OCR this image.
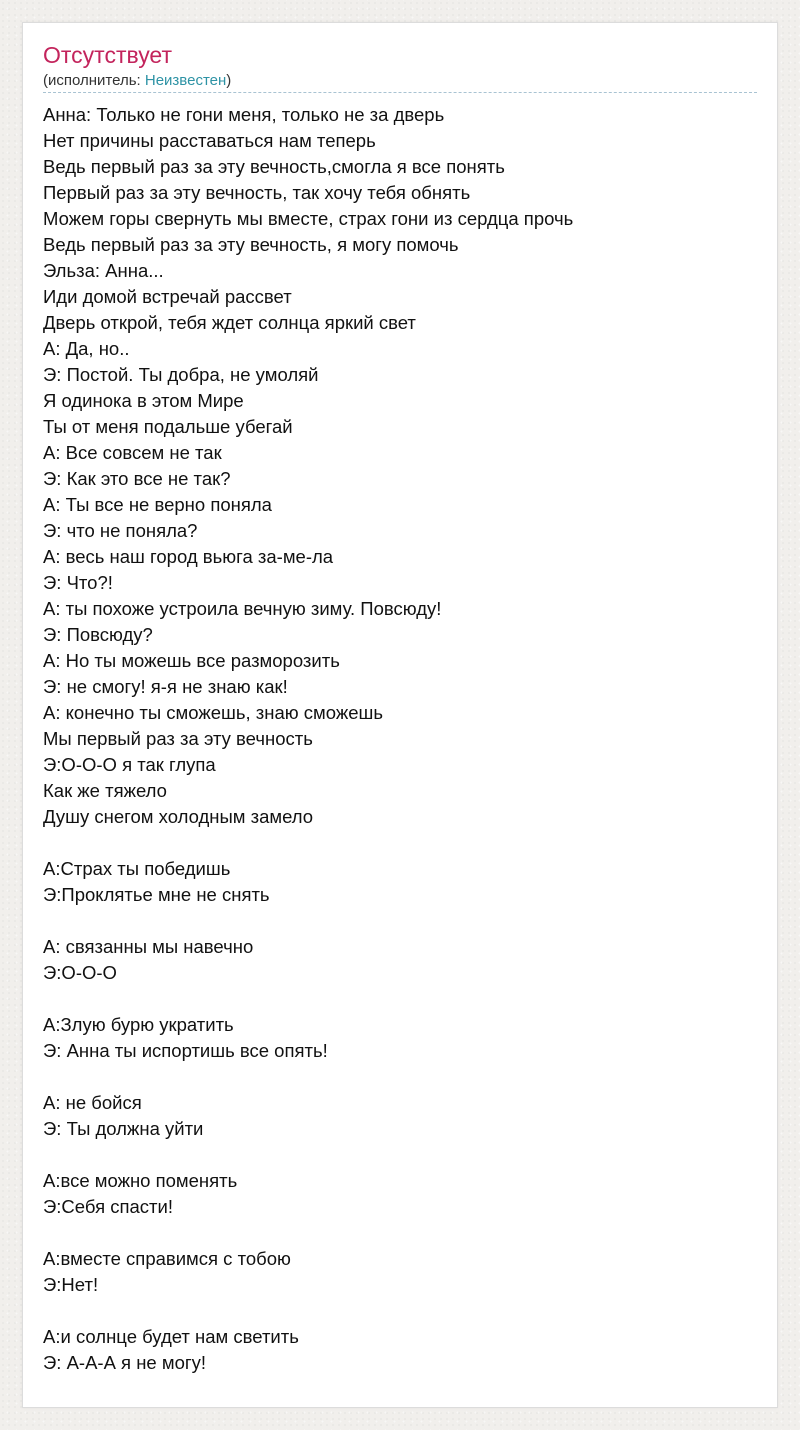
Отсутствует
(исполнитель: Неизвестен)
Анна: Только не гони меня, только не за дверь
Нет причины расставаться нам теперь
Ведь первый раз за эту вечность,смогла я все понять
Первый раз за эту вечность, так хочу тебя обнять
Можем горы свернуть мы вместе, страх гони из сердца прочь
Ведь первый раз за эту вечность, я могу помочь
Эльза: Анна...
Иди домой встречай рассвет
Дверь открой, тебя ждет солнца яркий свет
А: Да, но..
Э: Постой. Ты добра, не умоляй
Я одинока в этом Мире
Ты от меня подальше убегай
А: Все совсем не так
Э: Как это все не так?
А: Ты все не верно поняла
Э: что не поняла?
А: весь наш город вьюга за-ме-ла
Э: Что?!
А: ты похоже устроила вечную зиму. Повсюду!
Э: Повсюду?
А: Но ты можешь все разморозить
Э: не смогу! я-я не знаю как!
А: конечно ты сможешь, знаю сможешь
Мы первый раз за эту вечность
Э:О-О-О я так глупа
Как же тяжело
Душу снегом холодным замело
А:Страх ты победишь
Э:Проклятье мне не снять
А: связанны мы навечно
Э:О-О-О
А:Злую бурю укратить
Э: Анна ты испортишь все опять!
А: не бойся
Э: Ты должна уйти
А:все можно поменять
Э:Себя спасти!
А:вместе справимся с тобою
Э:Нет!
А:и солнце будет нам светить
Э: А-А-А я не могу!
